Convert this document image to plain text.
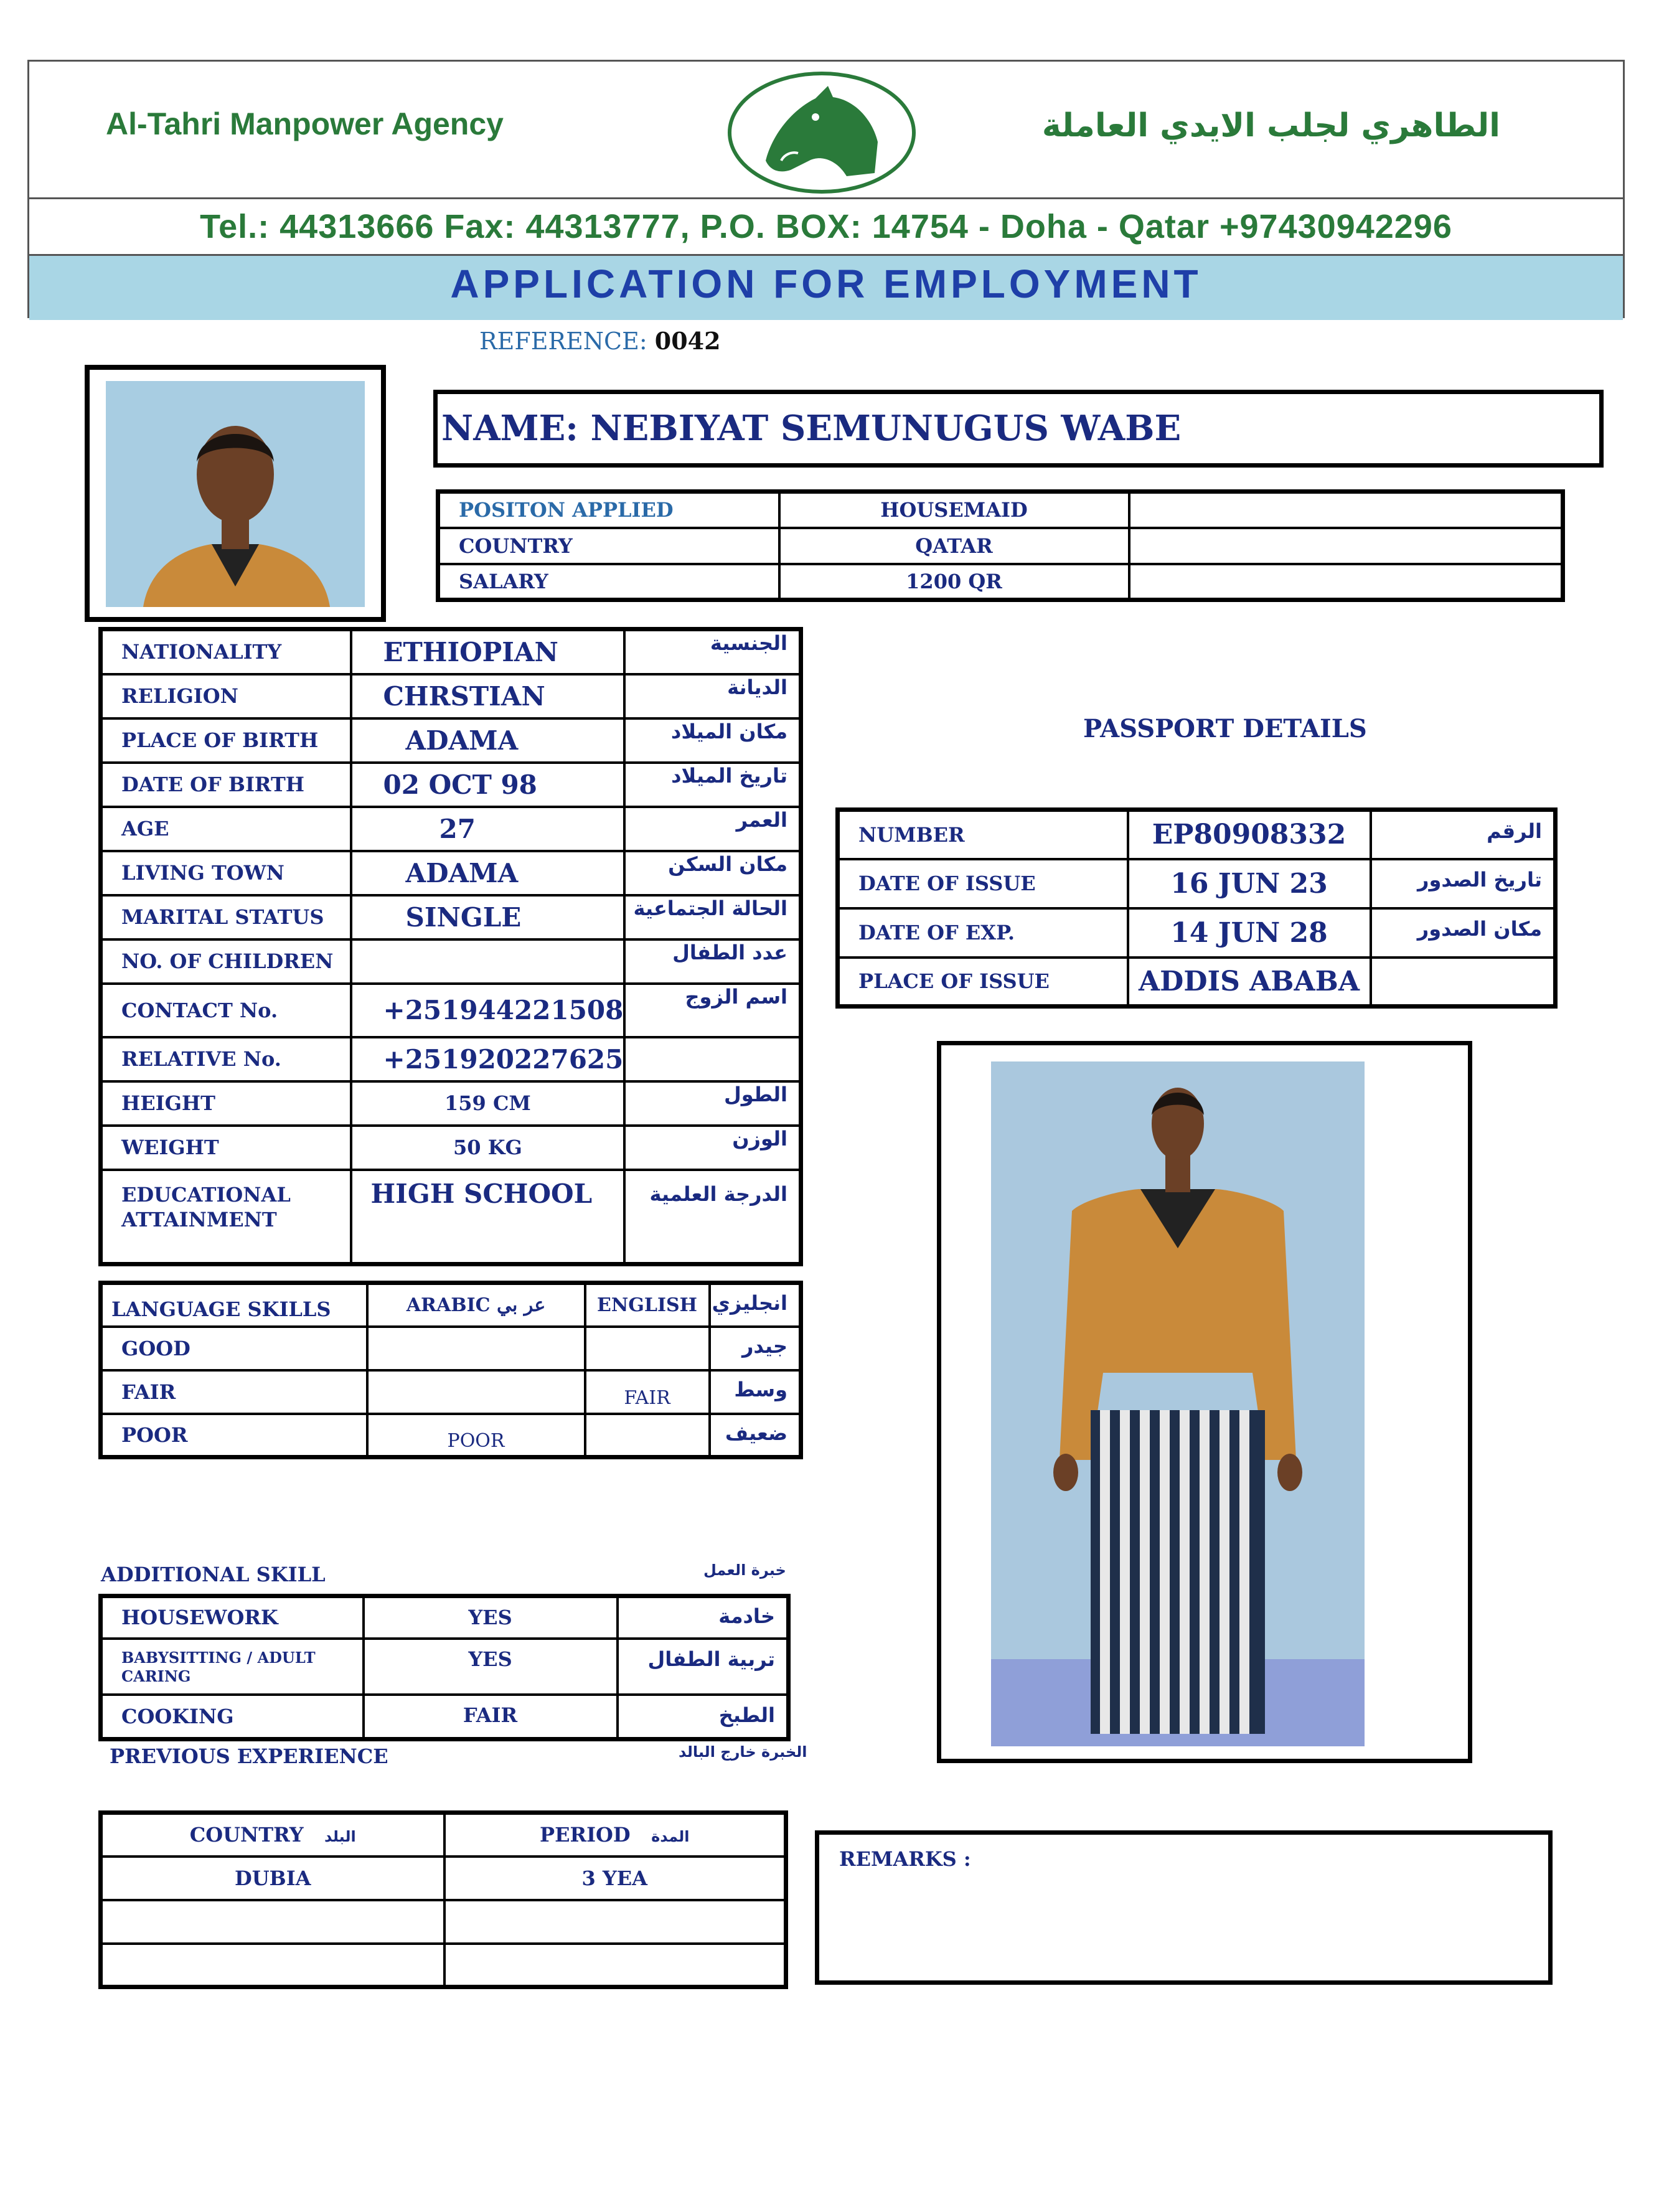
Tel.: 44313666 Fax: 44313777, P.O. BOX: 14754 - Doha - Qatar +97430942296
APPLICATION FOR EMPLOYMENT
Al-Tahri Manpower Agency	الطاهري لجلب الايدي العاملة
REFERENCE: 0042
NAME: NEBIYAT SEMUNUGUS WABE
POSITON APPLIED	HOUSEMAID	
COUNTRY	QATAR	
SALARY	1200 QR	
NATIONALITY	ETHIOPIAN	الجنسية
RELIGION	CHRSTIAN	الديانة
PLACE OF BIRTH	ADAMA	مكان الميلاد
DATE OF BIRTH	02 OCT 98	تاريخ الميلاد
AGE	27	العمر
LIVING TOWN	ADAMA	مكان السكن
MARITAL STATUS	SINGLE	الحالة الجتماعية
NO. OF CHILDREN		عدد الطفال
CONTACT No.	+251944221508	اسم الزوج
RELATIVE No.	+251920227625	
HEIGHT	159 CM	الطول
WEIGHT	50 KG	الوزن

EDUCATIONAL
ATTAINMENT	HIGH SCHOOL	الدرجة العلمية
PASSPORT DETAILS
NUMBER	EP80908332	الرقم
DATE OF ISSUE	16 JUN 23	تاريخ الصدور
DATE OF EXP.	14 JUN 28	مكان الصدور
PLACE OF ISSUE	ADDIS ABABA	
LANGUAGE SKILLS	ARABIC عر بي	ENGLISH	انجليزي
GOOD			جيدر
FAIR		FAIR	وسط
POOR	POOR		ضعيف
ADDITIONAL SKILL	خبرة العمل
HOUSEWORK	YES	خادمة

BABYSITTING / ADULT
CARING	YES	تربية الطفال
COOKING	FAIR	الطبخ
PREVIOUS EXPERIENCE	الخبرة خارج البالد
COUNTRY البلد	PERIOD المدة
DUBIA	3 YEA

REMARKS :
